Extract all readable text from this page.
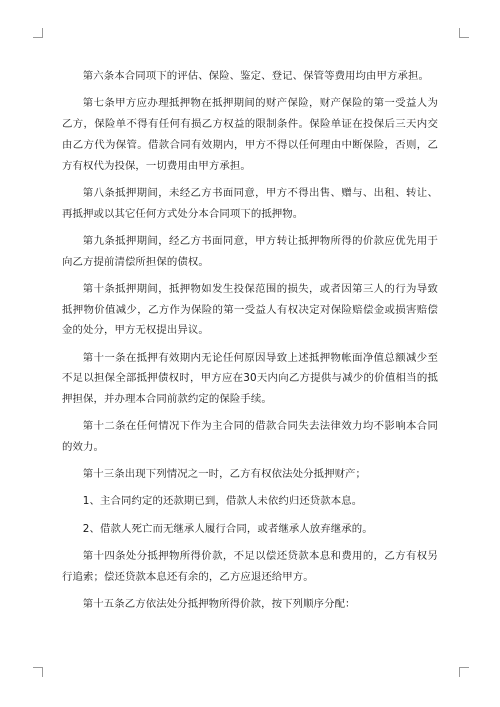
第六条本合同项下的评估、保险、鉴定、登记、保管等费用均由甲方承担。

第七条甲方应办理抵押物在抵押期间的财产保险，财产保险的第一受益人为乙方，保险单不得有任何有损乙方权益的限制条件。保险单证在投保后三天内交由乙方代为保管。借款合同有效期内，甲方不得以任何理由中断保险，否则，乙方有权代为投保，一切费用由甲方承担。

第八条抵押期间，未经乙方书面同意，甲方不得出售、赠与、出租、转让、再抵押或以其它任何方式处分本合同项下的抵押物。

第九条抵押期间，经乙方书面同意，甲方转让抵押物所得的价款应优先用于向乙方提前清偿所担保的债权。

第十条抵押期间，抵押物如发生投保范围的损失，或者因第三人的行为导致抵押物价值减少，乙方作为保险的第一受益人有权决定对保险赔偿金或损害赔偿金的处分，甲方无权提出异议。

第十一条在抵押有效期内无论任何原因导致上述抵押物帐面净值总额减少至不足以担保全部抵押债权时，甲方应在30天内向乙方提供与减少的价值相当的抵押担保，并办理本合同前款约定的保险手续。

第十二条在任何情况下作为主合同的借款合同失去法律效力均不影响本合同的效力。

第十三条出现下列情况之一时，乙方有权依法处分抵押财产；

1、主合同约定的还款期已到，借款人未依约归还贷款本息。

2、借款人死亡而无继承人履行合同，或者继承人放弃继承的。

第十四条处分抵押物所得价款，不足以偿还贷款本息和费用的，乙方有权另行追索；偿还贷款本息还有余的，乙方应退还给甲方。

第十五条乙方依法处分抵押物所得价款，按下列顺序分配：
